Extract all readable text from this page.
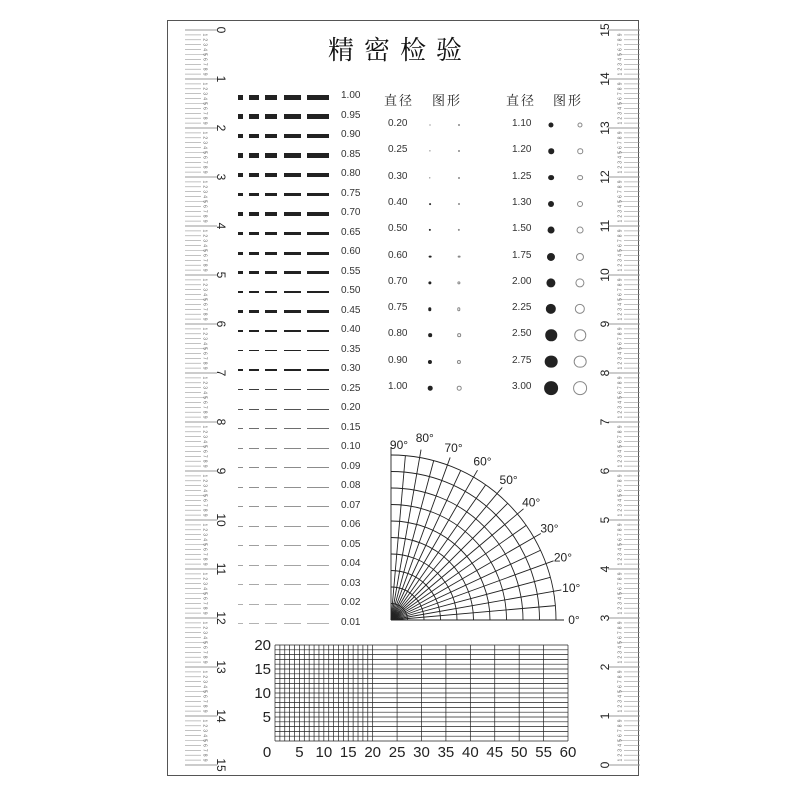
精密检验
0
1
2
3
4
5
6
7
8
9
1
1
2
3
4
5
6
7
8
9
2
1
2
3
4
5
6
7
8
9
3
1
2
3
4
5
6
7
8
9
4
1
2
3
4
5
6
7
8
9
5
1
2
3
4
5
6
7
8
9
6
1
2
3
4
5
6
7
8
9
7
1
2
3
4
5
6
7
8
9
8
1
2
3
4
5
6
7
8
9
9
1
2
3
4
5
6
7
8
9 10
1
2
3
4
5
6
7
8
9 11
1
2
3
4
5
6
7
8
9 12
1
2
3
4
5
6
7
8
9 13
1
2
3
4
5
6
7
8
9 14
1
2
3
4
5
6
7
8
9 15	0
1
2
3
4
5
6
7
8
9
1
1
2
3
4
5
6
7
8
9
2
1
2
3
4
5
6
7
8
9
3
1
2
3
4
5
6
7
8
9
4
1
2
3
4
5
6
7
8
9
5
1
2
3
4
5
6
7
8
9
6
1
2
3
4
5
6
7
8
9
7
1
2
3
4
5
6
7
8
9
8
1
2
3
4
5
6
7
8
9
9
1
2
3
4
5
6
7
8
9
10 1
2
3
4
5
6
7
8
9
11 1
2
3
4
5
6
7
8
9
12 1
2
3
4
5
6
7
8
9
13 1
2
3
4
5
6
7
8
9
14 1
2
3
4
5
6
7
8
9
15
1.00
0.95
0.90
0.85
0.80
0.75
0.70
0.65
0.60
0.55
0.50
0.45
0.40
0.35
0.30
0.25
0.20
0.15
0.10
0.09
0.08
0.07
0.06
0.05
0.04
0.03
0.02
0.01
直径 图形	直径 图形
0.20
0.25
0.30
0.40
0.50
0.60
0.70
0.75
0.80
0.90
1.00
1.10
1.20
1.25
1.30
1.50
1.75
2.00
2.25
2.50
2.75
3.00
0°
10°
20°
30°
40°
50°
60°
70°
80°
90°
0 5 10 15 20 25 30 35 40 45 50 55 60
5
10
15
20
